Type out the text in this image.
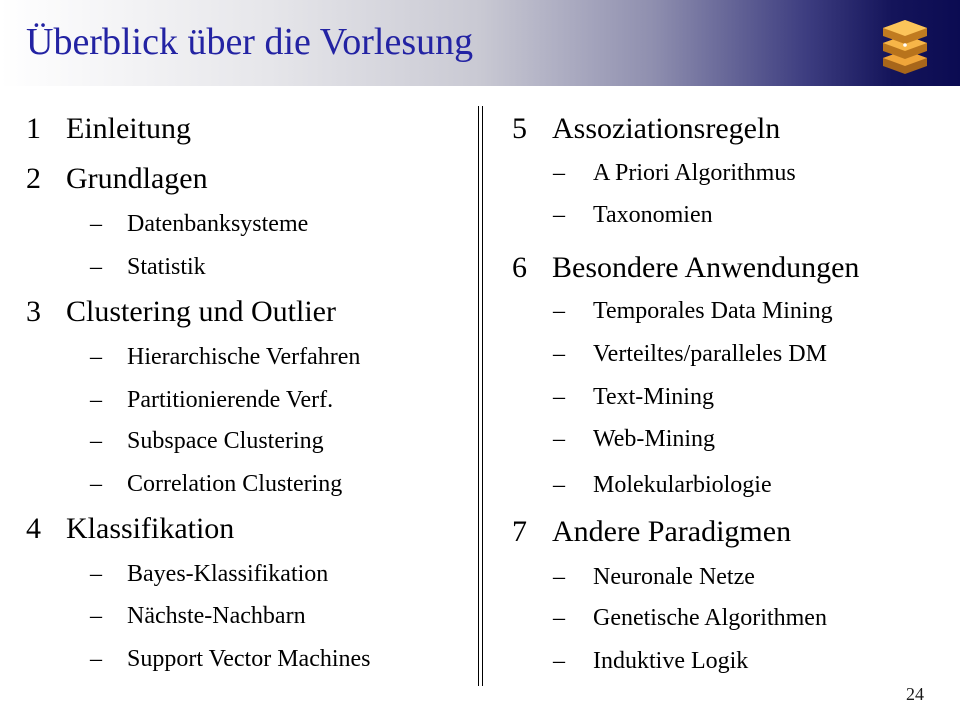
Überblick über die Vorlesung
1 Einleitung
2 Grundlagen
– Datenbanksysteme
– Statistik
3 Clustering und Outlier
– Hierarchische Verfahren
– Partitionierende Verf.
– Subspace Clustering
– Correlation Clustering
4 Klassifikation
– Bayes-Klassifikation
– Nächste-Nachbarn
– Support Vector Machines
5 Assoziationsregeln
– A Priori Algorithmus
– Taxonomien
6 Besondere Anwendungen
– Temporales Data Mining
– Verteiltes/paralleles DM
– Text-Mining
– Web-Mining
– Molekularbiologie
7 Andere Paradigmen
– Neuronale Netze
– Genetische Algorithmen
– Induktive Logik
24
